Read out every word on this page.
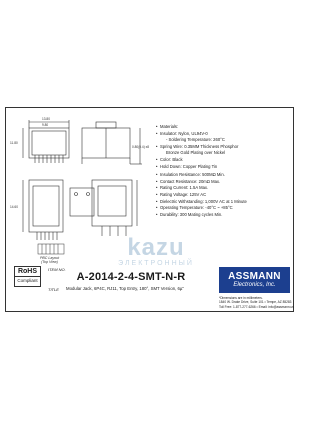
13.80
9.80
11.80
0.80(0.4) x8
14.60
PBC Layout
(Top View)
• Materials:
• Insulator: Nylon, UL94V-0
- Soldering Temperature: 260°C
• Spring Wire: 0.35MM Thickness Phosphor
Bronze Gold Plating over Nickel
• Color: Black
• Hold Down: Copper Plating Tin
• Insulation Resistance: 500MΩ Min.
• Contact Resistance: 20mΩ Max.
• Rating Current: 1.5A Max.
• Rating Voltage: 125V AC
• Dielectric Withstanding: 1,000V AC at 1 Minute
• Operating Temperature: -40°C ~ +85°C
• Durability: 300 Mating cycles Min.
ASSMANN
Electronics, Inc.
*Dimensions are in millimeters.
1840 W. Drake Drive, Suite 101 • Tempe, AZ 85283
Toll Free: 1-877-277-6266 • Email: info@assmann.us
RoHS
Compliant
ITEM NO.
A-2014-2-4-SMT-N-R
TITLE Modular Jack, 6P4C, RJ11, Top Entry, 180°, SMT Version, 6µ"
kazu
ЭЛЕКТРОННЫЙ
